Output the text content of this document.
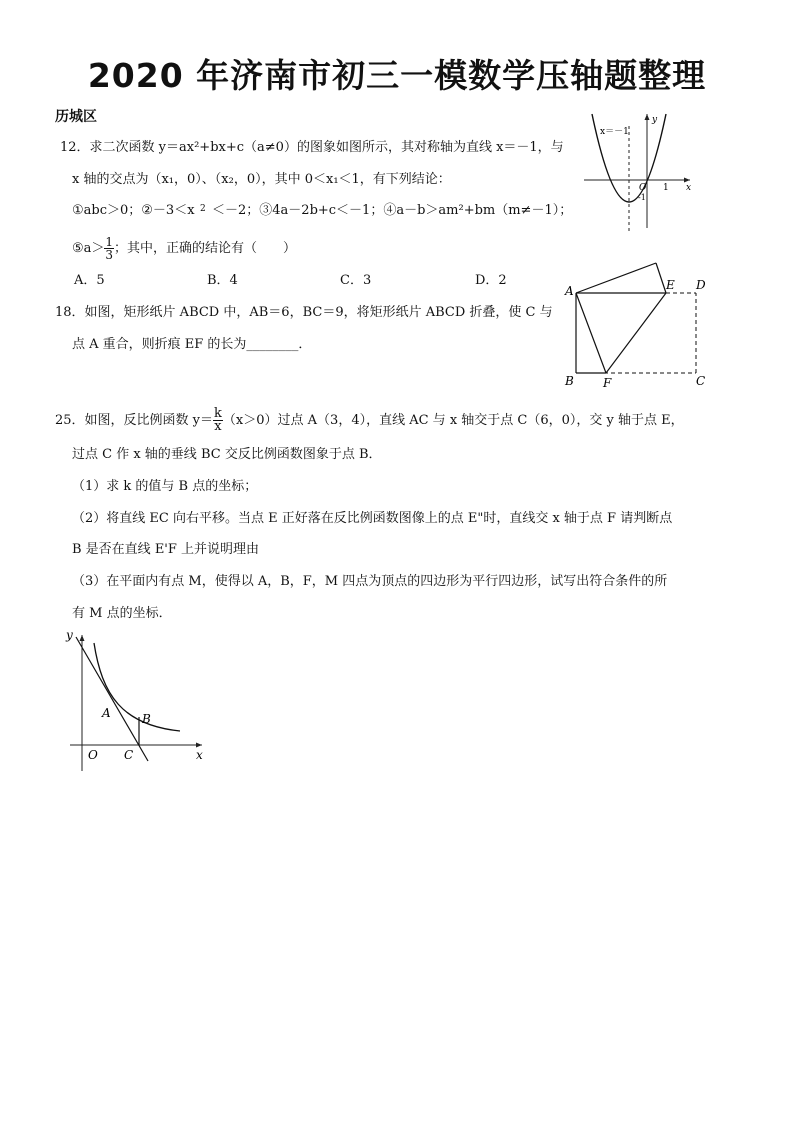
2020 年济南市初三一模数学压轴题整理
历城区
12．求二次函数 y＝ax²+bx+c（a≠0）的图象如图所示，其对称轴为直线 x＝－1，与
x 轴的交点为（x₁，0）、（x₂，0），其中 0＜x₁＜1，有下列结论：
2
①abc＞0；②－3＜x ＜－2；③4a－2b+c＜－1；④a－b＞am²+bm（m≠－1）；
⑤a＞ $\frac{1}{3}$ ；其中，正确的结论有（　　）
A．5	B．4	C．3	D．2
x＝－1
O 1 x
y
-1
18．如图，矩形纸片 ABCD 中，AB＝6，BC＝9，将矩形纸片 ABCD 折叠，使 C 与
点 A 重合，则折痕 EF 的长为________．
A
B	C
D
E
F
25．如图，反比例函数 $y= \frac{k}{x} (x>0)$过点 A（3，4），直线 AC 与 x 轴交于点 C（6，0），交 y 轴于点 E，
过点 C 作 x 轴的垂线 BC 交反比例函数图象于点 B．
（1）求 k 的值与 B 点的坐标；
（2）将直线 EC 向右平移。当点 E 正好落在反比例函数图像上的点 E"时，直线交 x 轴于点 F 请判断点
B 是否在直线 E'F 上并说明理由
（3）在平面内有点 M，使得以 A，B，F，M 四点为顶点的四边形为平行四边形，试写出符合条件的所
有 M 点的坐标．
y
x
A	B
O C
